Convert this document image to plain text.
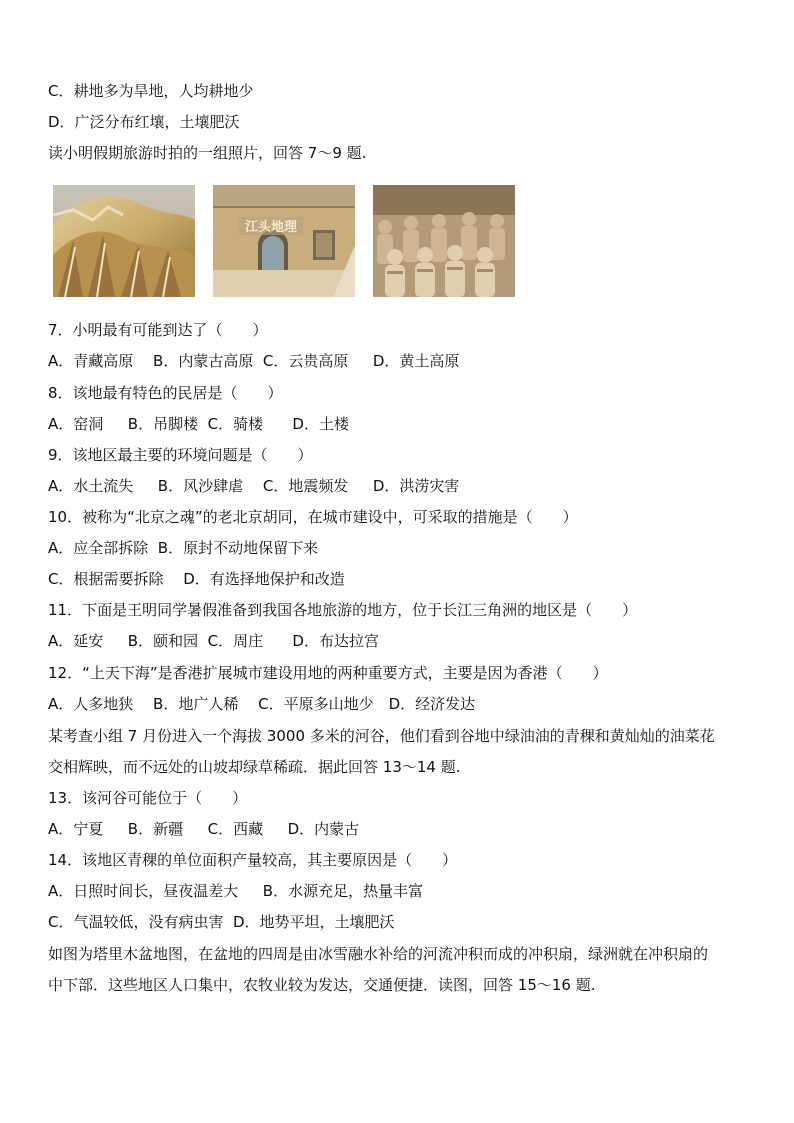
C．耕地多为旱地，人均耕地少
D．广泛分布红壤，土壤肥沃
读小明假期旅游时拍的一组照片，回答 7～9 题.
江头地理
7．小明最有可能到达了（　　）
A．青藏高原　 B．内蒙古高原  C．云贵高原　  D．黄土高原
8．该地最有特色的民居是（　　）
A．窑洞　  B．吊脚楼  C．骑楼　   D．土楼
9．该地区最主要的环境问题是（　　）
A．水土流失　  B．风沙肆虐　 C．地震频发　  D．洪涝灾害
10．被称为“北京之魂”的老北京胡同，在城市建设中，可采取的措施是（　　）
A．应全部拆除  B．原封不动地保留下来
C．根据需要拆除　 D．有选择地保护和改造
11．下面是王明同学暑假准备到我国各地旅游的地方，位于长江三角洲的地区是（　　）
A．延安　  B．颐和园  C．周庄　   D．布达拉宫
12．“上天下海”是香港扩展城市建设用地的两种重要方式，主要是因为香港（　　）
A．人多地狭　 B．地广人稀　 C．平原多山地少　D．经济发达
某考查小组 7 月份进入一个海拔 3000 多米的河谷，他们看到谷地中绿油油的青稞和黄灿灿的油菜花
交相辉映，而不远处的山坡却绿草稀疏．据此回答 13～14 题.
13．该河谷可能位于（　　）
A．宁夏　  B．新疆　  C．西藏　  D．内蒙古
14．该地区青稞的单位面积产量较高，其主要原因是（　　）
A．日照时间长，昼夜温差大　  B．水源充足，热量丰富
C．气温较低，没有病虫害  D．地势平坦，土壤肥沃
如图为塔里木盆地图，在盆地的四周是由冰雪融水补给的河流冲积而成的冲积扇，绿洲就在冲积扇的
中下部．这些地区人口集中，农牧业较为发达，交通便捷．读图，回答 15～16 题.
